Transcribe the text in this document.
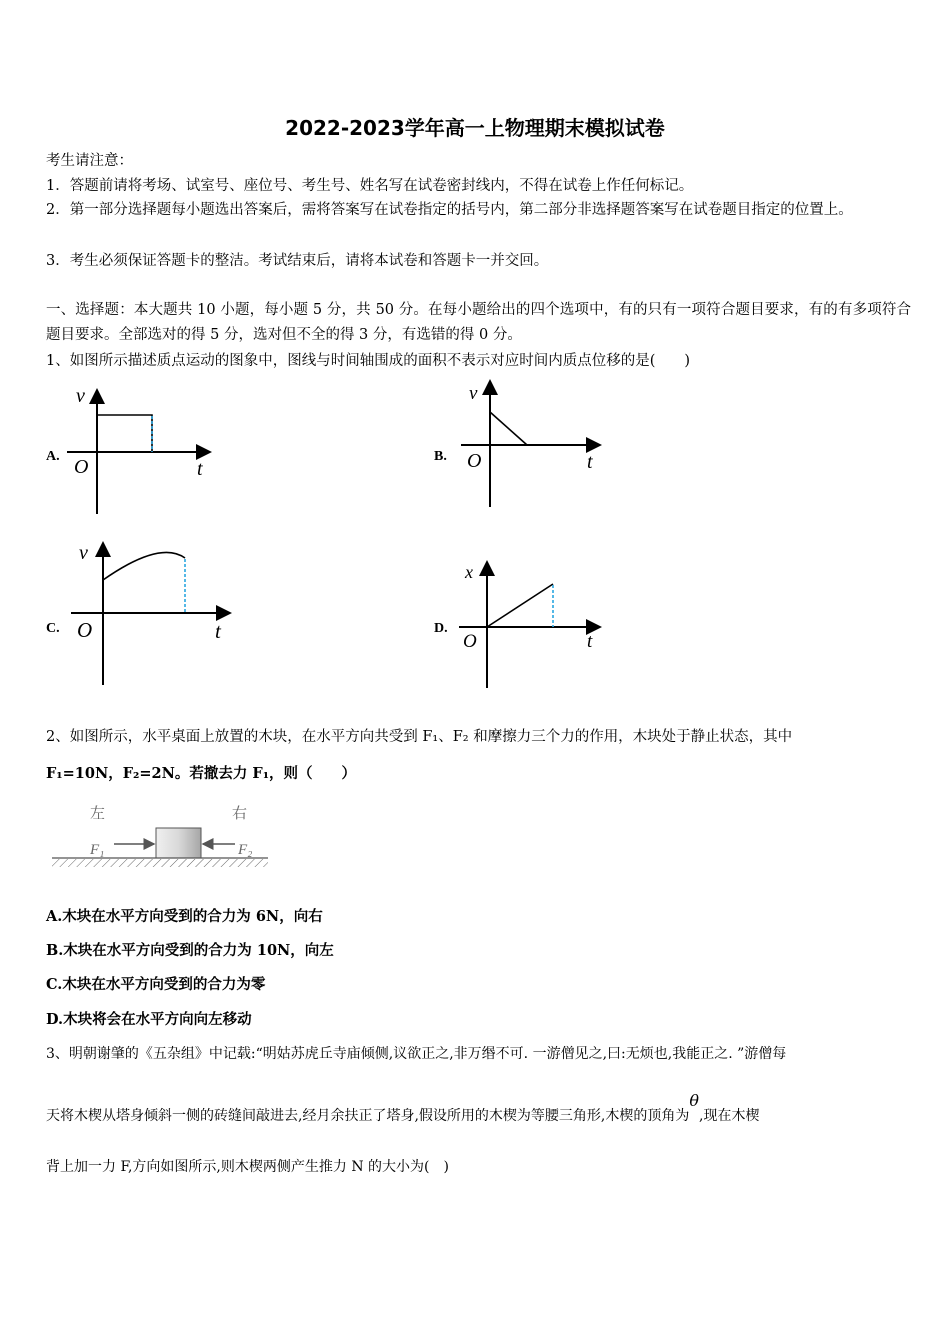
2022-2023学年高一上物理期末模拟试卷
考生请注意：
1．答题前请将考场、试室号、座位号、考生号、姓名写在试卷密封线内，不得在试卷上作任何标记。
2．第一部分选择题每小题选出答案后，需将答案写在试卷指定的括号内，第二部分非选择题答案写在试卷题目指定的位置上。
3．考生必须保证答题卡的整洁。考试结束后，请将本试卷和答题卡一并交回。
一、选择题：本大题共 10 小题，每小题 5 分，共 50 分。在每小题给出的四个选项中，有的只有一项符合题目要求，有的有多项符合题目要求。全部选对的得 5 分，选对但不全的得 3 分，有选错的得 0 分。
1、如图所示描述质点运动的图象中，图线与时间轴围成的面积不表示对应时间内质点位移的是(　　)
A.
v
O	t
B.
v
O	t
C.
v
O	t	D.
x
O	t
2、如图所示，水平桌面上放置的木块，在水平方向共受到 F₁、F₂ 和摩擦力三个力的作用，木块处于静止状态，其中
F₁=10N，F₂=2N。若撤去力 F₁，则（　　）
左	右
F₁	F₂
A.木块在水平方向受到的合力为 6N，向右
B.木块在水平方向受到的合力为 10N，向左
C.木块在水平方向受到的合力为零
D.木块将会在水平方向向左移动
3、明朝谢肇的《五杂组》中记载:“明姑苏虎丘寺庙倾侧,议欲正之,非万缗不可. 一游僧见之,曰:无烦也,我能正之. ”游僧每
天将木楔从塔身倾斜一侧的砖缝间敲进去,经月余扶正了塔身,假设所用的木楔为等腰三角形,木楔的顶角为θ,现在木楔
背上加一力 F,方向如图所示,则木楔两侧产生推力 N 的大小为(　)
